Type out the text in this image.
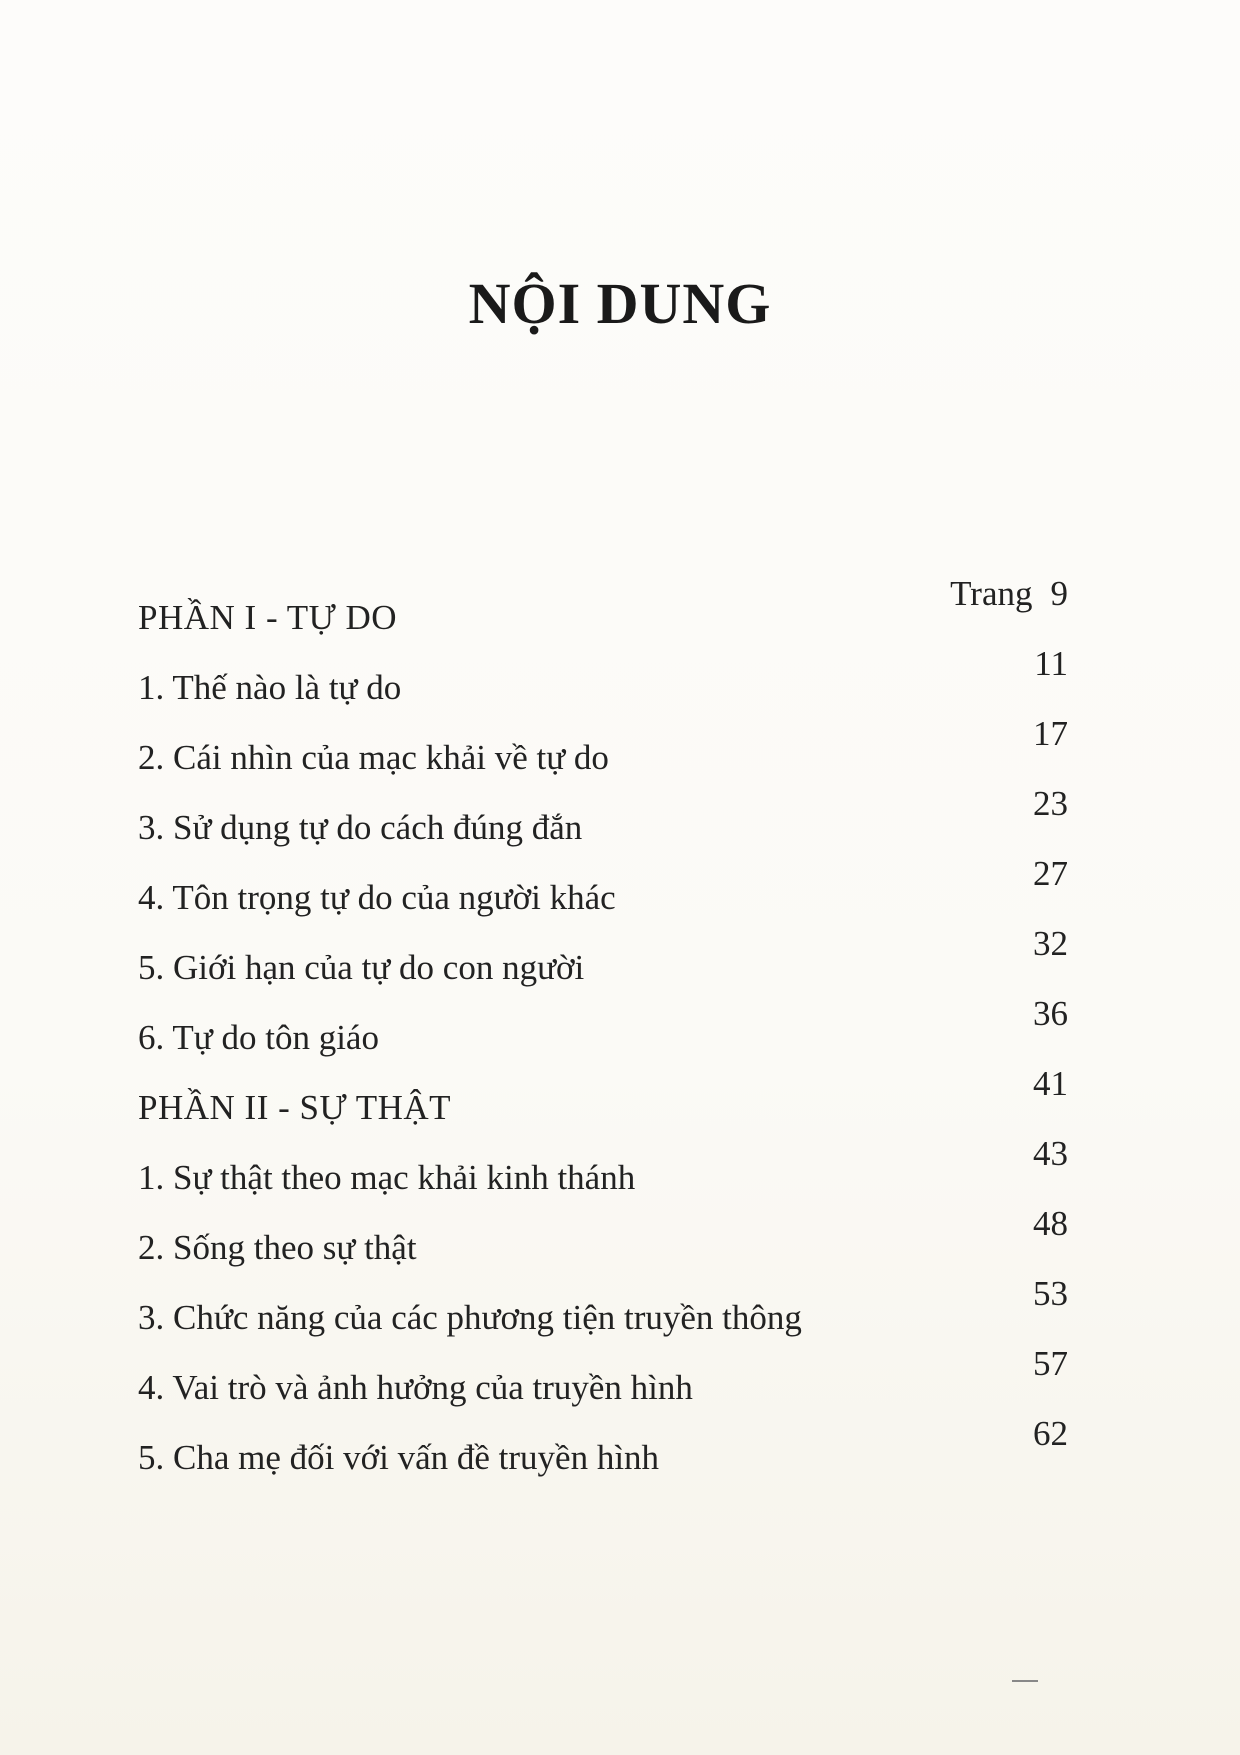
NỘI DUNG
PHẦN I - TỰ DO
Trang 9
1. Thế nào là tự do
11
2. Cái nhìn của mạc khải về tự do
17
3. Sử dụng tự do cách đúng đắn
23
4. Tôn trọng tự do của người khác
27
5. Giới hạn của tự do con người
32
6. Tự do tôn giáo
36
PHẦN II - SỰ THẬT
41
1. Sự thật theo mạc khải kinh thánh
43
2. Sống theo sự thật
48
3. Chức năng của các phương tiện truyền thông
53
4. Vai trò và ảnh hưởng của truyền hình
57
5. Cha mẹ đối với vấn đề truyền hình
62
